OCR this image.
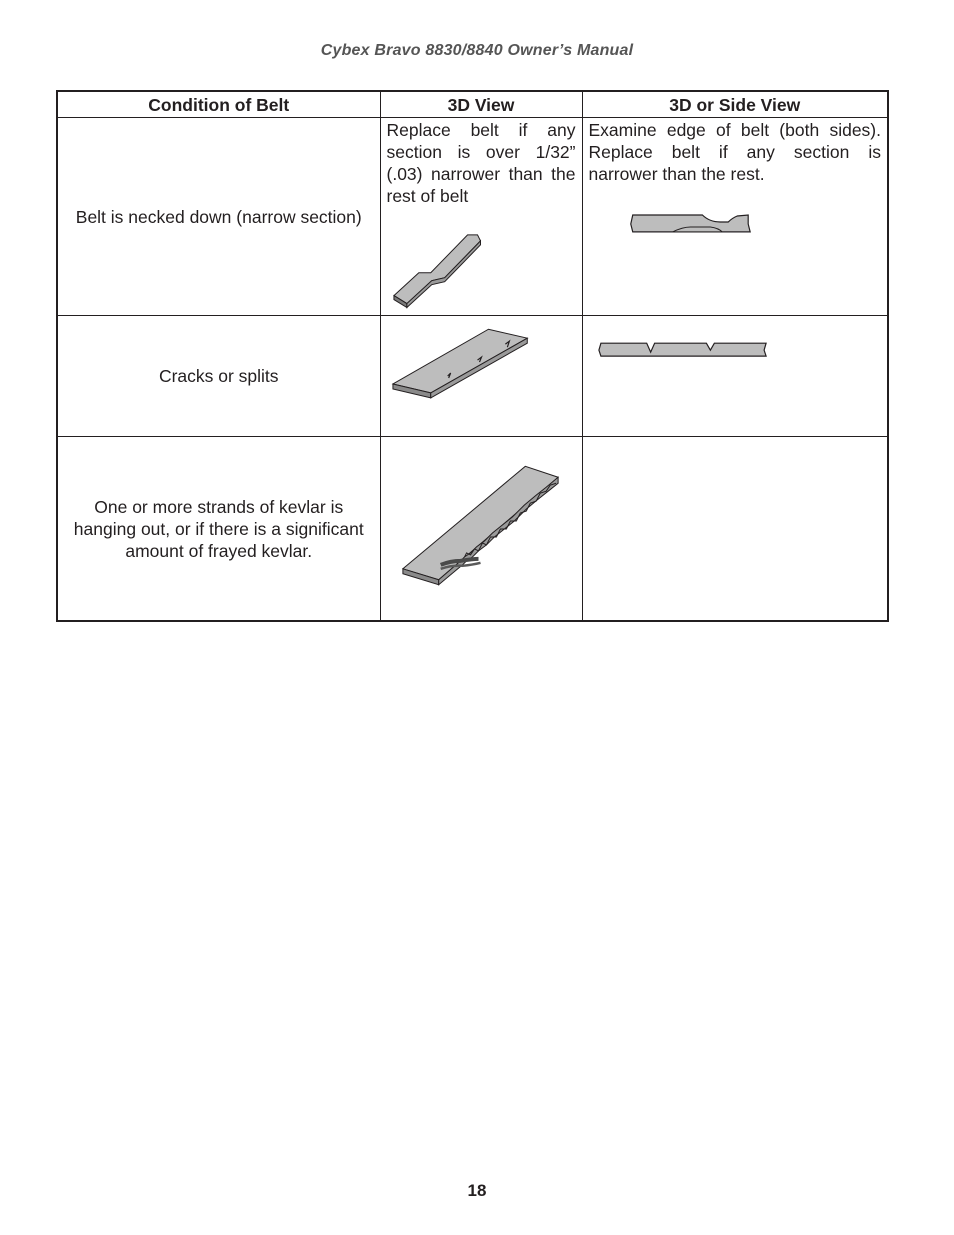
Cybex Bravo 8830/8840 Owner’s Manual
Condition of Belt	3D View	3D or Side View
Belt is necked down (narrow section)	Replace belt if any section is over 1/32” (.03) narrower than the rest of belt	Examine edge of belt (both sides). Replace belt if any section is narrower than the rest.

Cracks or splits	

One or more strands of kevlar is hanging out, or if there is a significant amount of frayed kevlar.	

18
